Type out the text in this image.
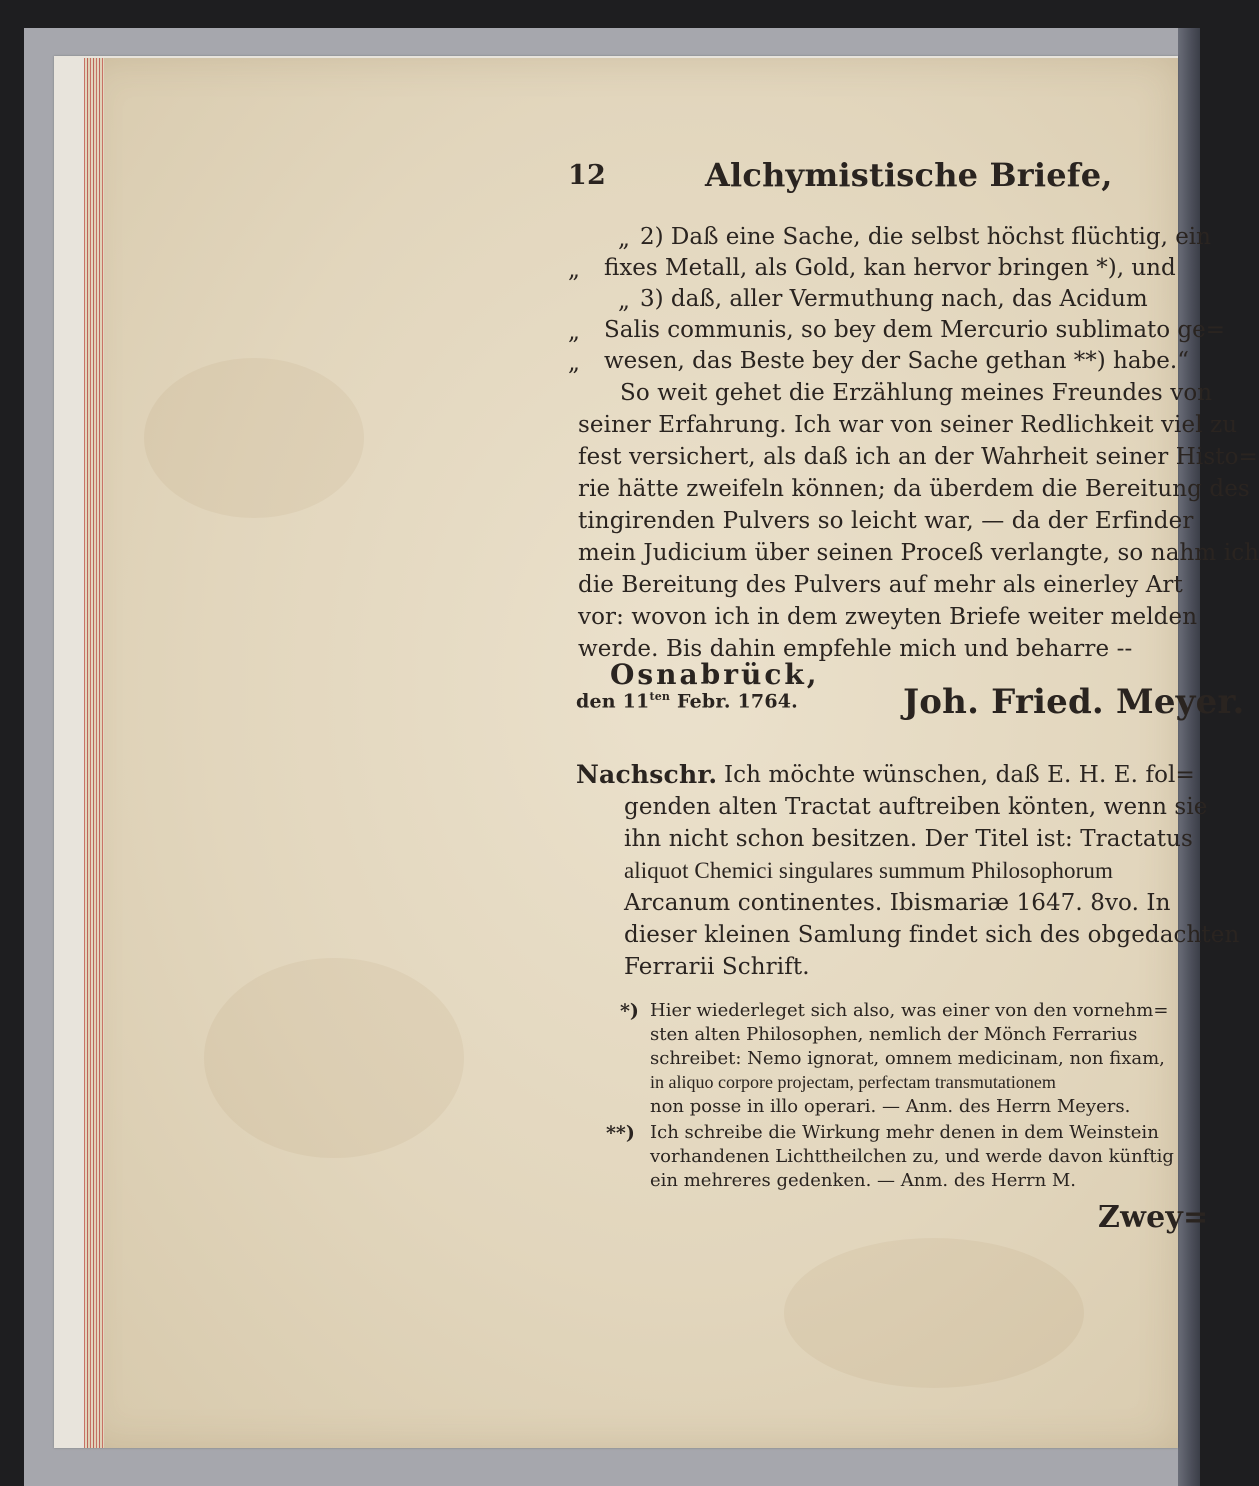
12	Alchymistische Briefe,
„ 2) Daß eine Sache, die selbst höchst flüchtig, ein
„ fixes Metall, als Gold, kan hervor bringen *), und
„ 3) daß, aller Vermuthung nach, das Acidum
„ Salis communis, so bey dem Mercurio sublimato ge=
„ wesen, das Beste bey der Sache gethan **) habe.“
So weit gehet die Erzählung meines Freundes von
seiner Erfahrung. Ich war von seiner Redlichkeit viel zu
fest versichert, als daß ich an der Wahrheit seiner Histo=
rie hätte zweifeln können; da überdem die Bereitung des
tingirenden Pulvers so leicht war, — da der Erfinder
mein Judicium über seinen Proceß verlangte, so nahm ich
die Bereitung des Pulvers auf mehr als einerley Art
vor: wovon ich in dem zweyten Briefe weiter melden
werde. Bis dahin empfehle mich und beharre --
Osnabrück,
den $11^{ten}$ Febr. 1764.	Joh. Fried. Meyer.
Nachschr. Ich möchte wünschen, daß E. H. E. fol=
genden alten Tractat auftreiben könten, wenn sie
ihn nicht schon besitzen. Der Titel ist: Tractatus
aliquot Chemici singulares summum Philosophorum
Arcanum continentes. Ibismariæ 1647. 8vo. In
dieser kleinen Samlung findet sich des obgedachten
Ferrarii Schrift.
*) Hier wiederleget sich also, was einer von den vornehm=
sten alten Philosophen, nemlich der Mönch Ferrarius
schreibet: Nemo ignorat, omnem medicinam, non fixam,
in aliquo corpore projectam, perfectam transmutationem
non posse in illo operari. — Anm. des Herrn Meyers.
**) Ich schreibe die Wirkung mehr denen in dem Weinstein
vorhandenen Lichttheilchen zu, und werde davon künftig
ein mehreres gedenken. — Anm. des Herrn M.
Zwey=
